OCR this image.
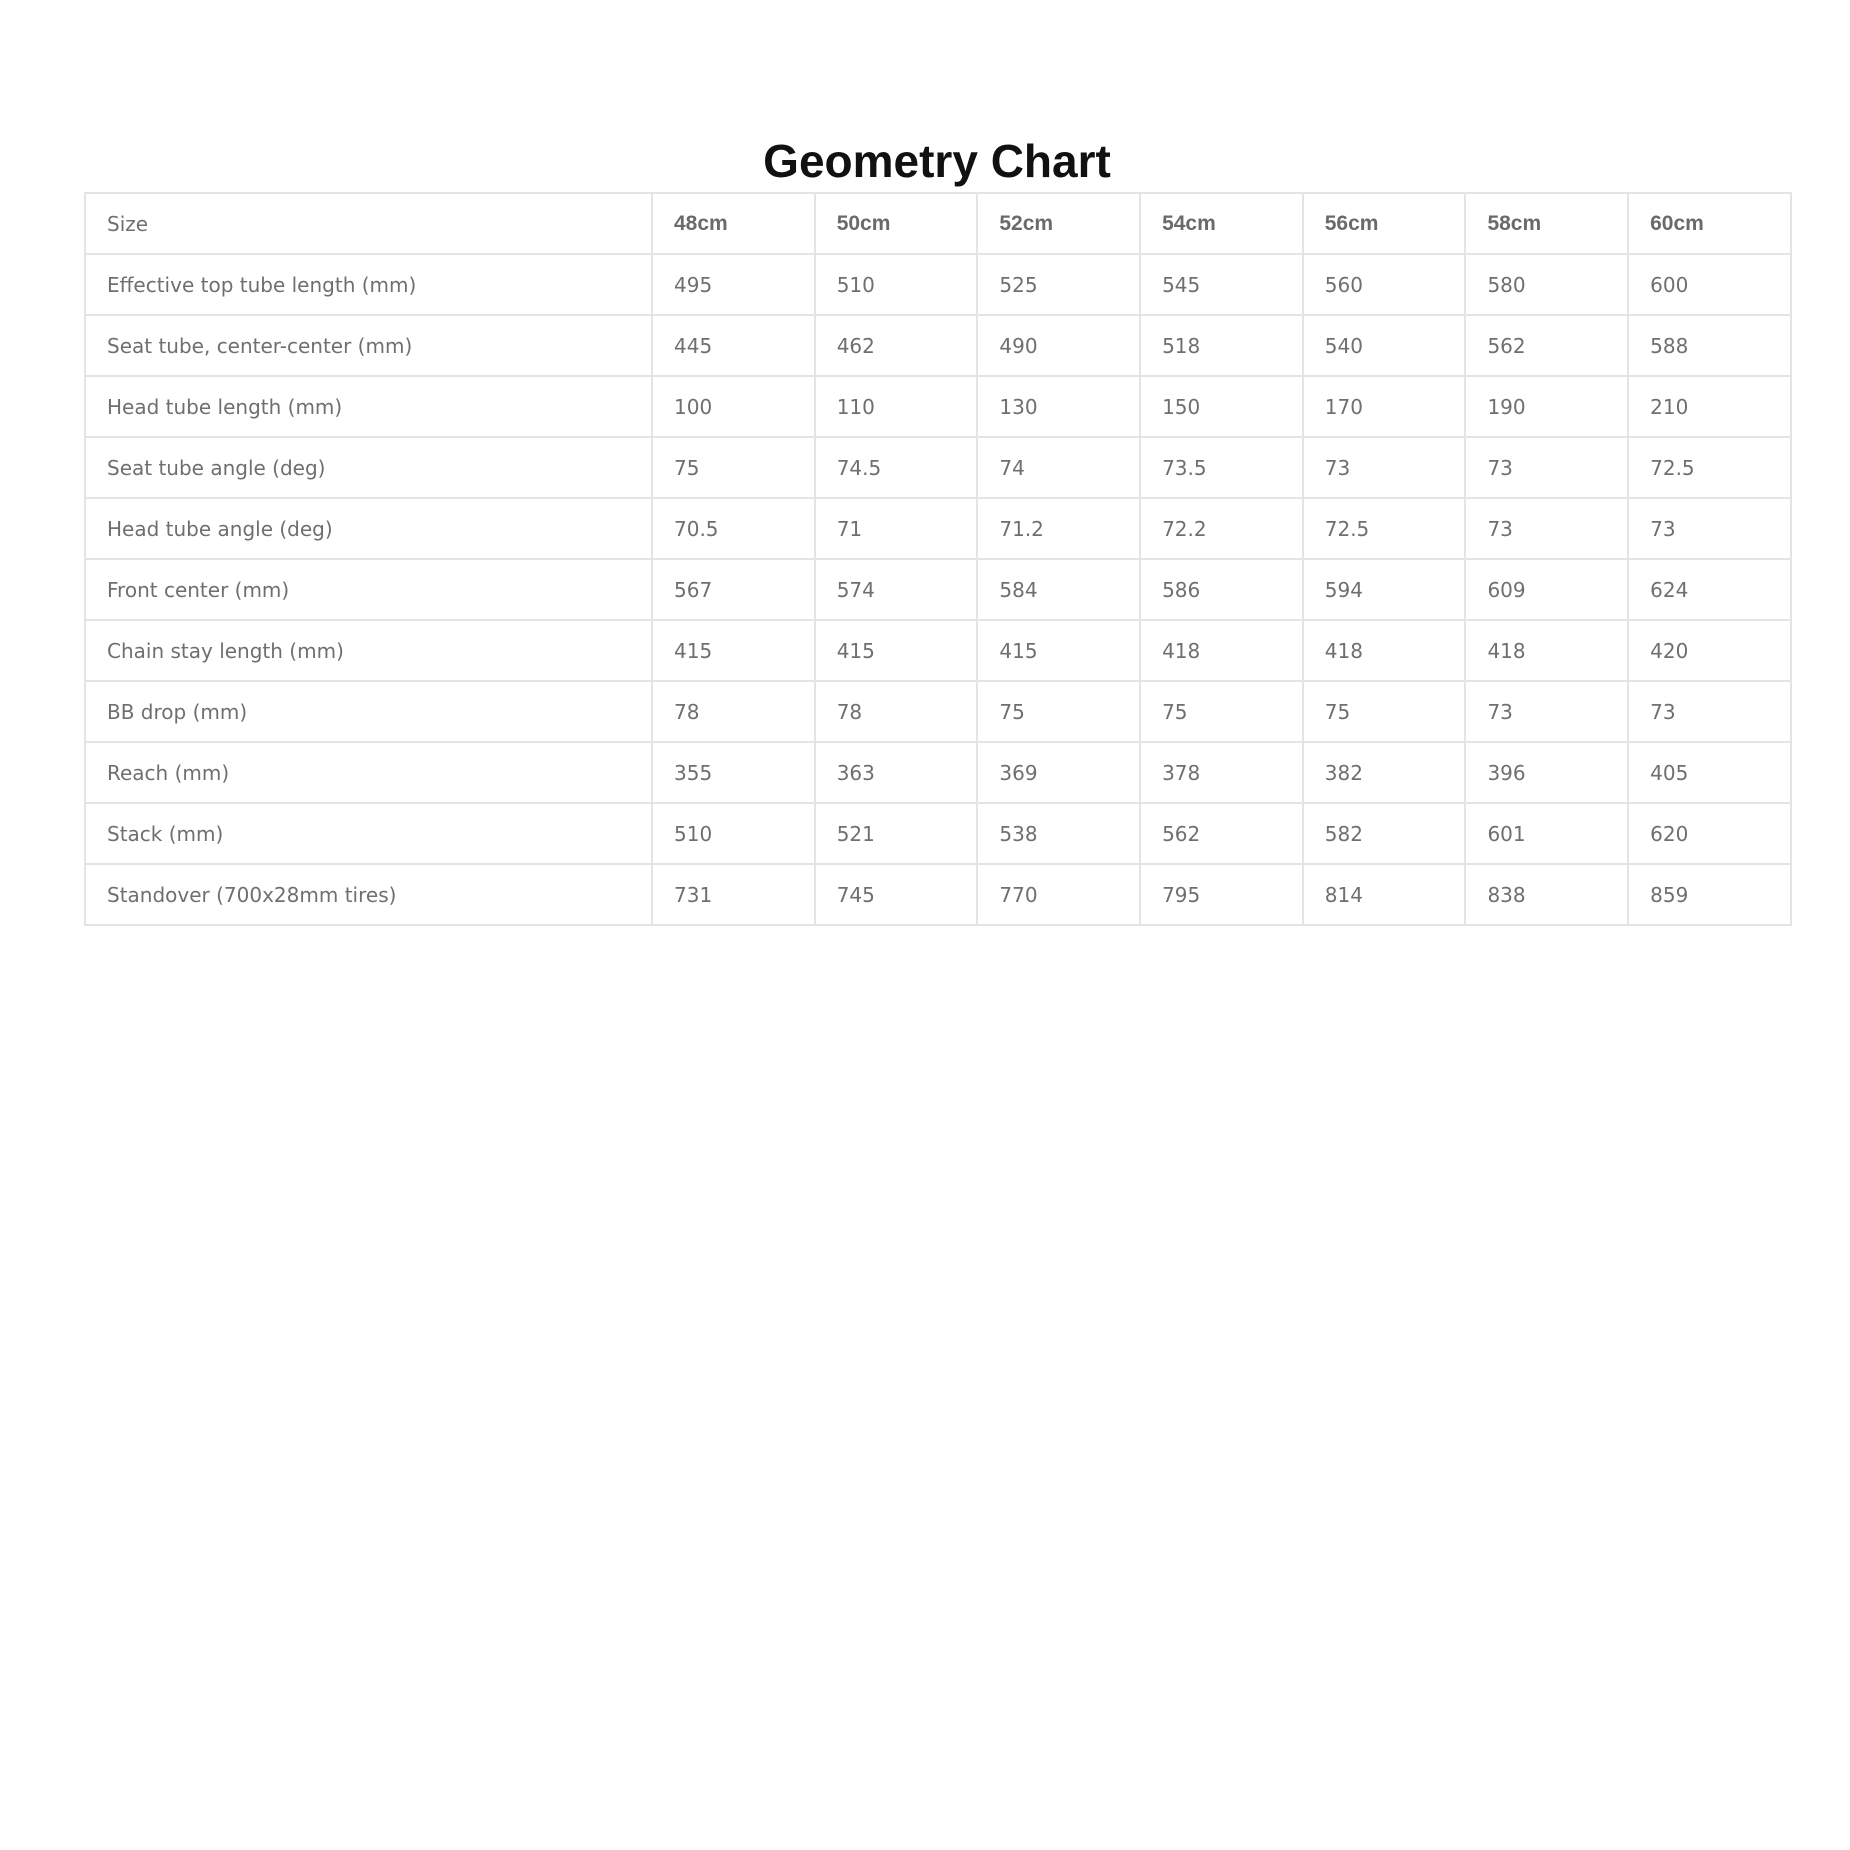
Geometry Chart
Size	48cm	50cm	52cm	54cm	56cm	58cm	60cm
Effective top tube length (mm)	495	510	525	545	560	580	600
Seat tube, center-center (mm)	445	462	490	518	540	562	588
Head tube length (mm)	100	110	130	150	170	190	210
Seat tube angle (deg)	75	74.5	74	73.5	73	73	72.5
Head tube angle (deg)	70.5	71	71.2	72.2	72.5	73	73
Front center (mm)	567	574	584	586	594	609	624
Chain stay length (mm)	415	415	415	418	418	418	420
BB drop (mm)	78	78	75	75	75	73	73
Reach (mm)	355	363	369	378	382	396	405
Stack (mm)	510	521	538	562	582	601	620
Standover (700x28mm tires)	731	745	770	795	814	838	859
